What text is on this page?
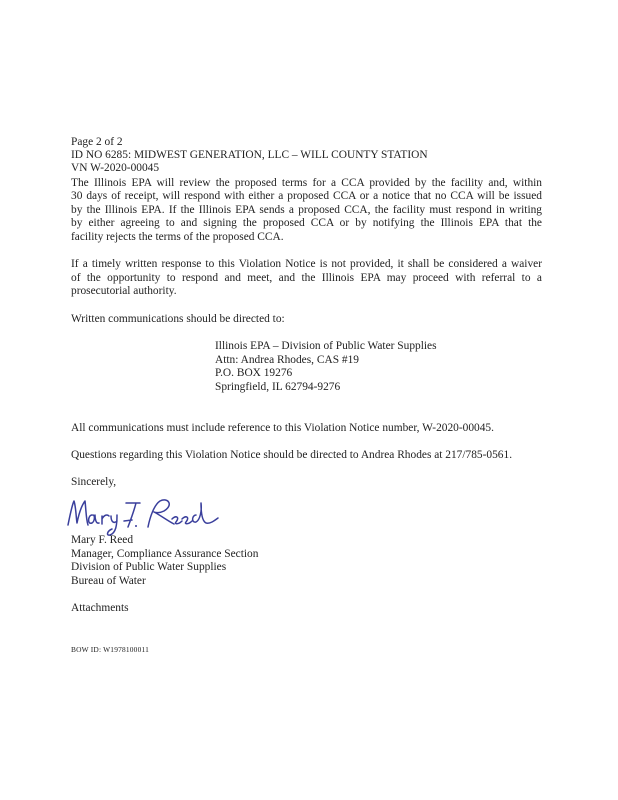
Page 2 of 2
ID NO 6285: MIDWEST GENERATION, LLC – WILL COUNTY STATION
VN W-2020-00045
The Illinois EPA will review the proposed terms for a CCA provided by the facility and, within
30 days of receipt, will respond with either a proposed CCA or a notice that no CCA will be issued
by the Illinois EPA. If the Illinois EPA sends a proposed CCA, the facility must respond in writing
by either agreeing to and signing the proposed CCA or by notifying the Illinois EPA that the
facility rejects the terms of the proposed CCA.
If a timely written response to this Violation Notice is not provided, it shall be considered a waiver
of the opportunity to respond and meet, and the Illinois EPA may proceed with referral to a
prosecutorial authority.
Written communications should be directed to:
Illinois EPA – Division of Public Water Supplies
Attn: Andrea Rhodes, CAS #19
P.O. BOX 19276
Springfield, IL 62794-9276
All communications must include reference to this Violation Notice number, W-2020-00045.
Questions regarding this Violation Notice should be directed to Andrea Rhodes at 217/785-0561.
Sincerely,
Mary F. Reed
Manager, Compliance Assurance Section
Division of Public Water Supplies
Bureau of Water
Attachments
BOW ID: W1978100011
